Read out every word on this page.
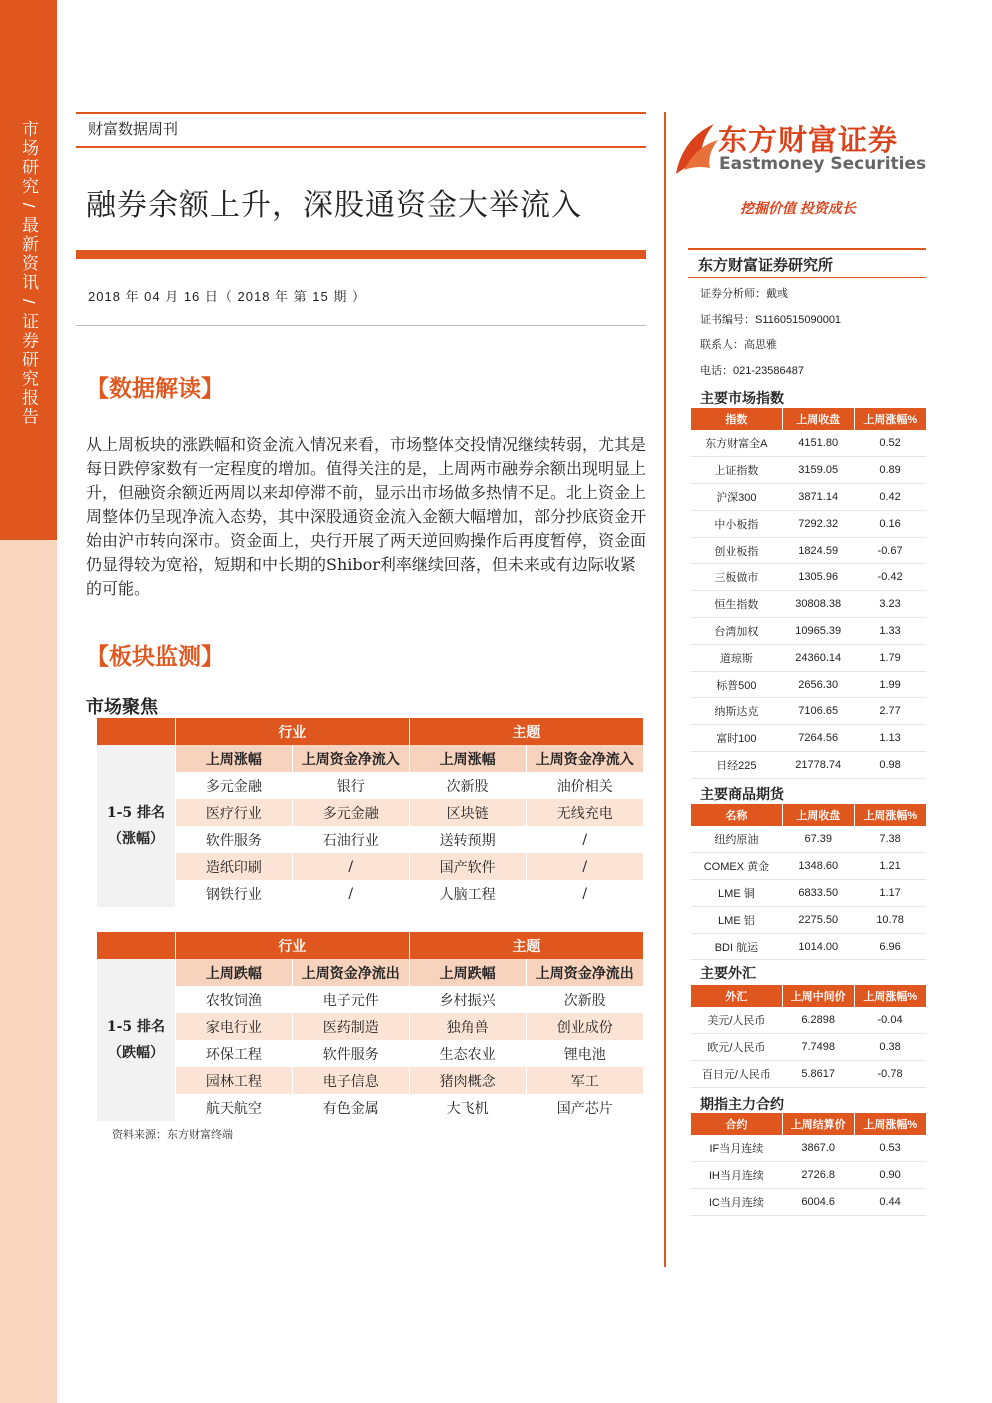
市场研究 / 最新资讯 / 证券研究报告	财富数据周刊
融券余额上升，深股通资金大举流入
2018 年 04 月 16 日（ 2018 年 第 15 期 ）
【数据解读】

从上周板块的涨跌幅和资金流入情况来看，市场整体交投情况继续转弱，尤其是每日跌停家数有一定程度的增加。值得关注的是，上周两市融券余额出现明显上升，但融资余额近两周以来却停滞不前，显示出市场做多热情不足。北上资金上周整体仍呈现净流入态势，其中深股通资金流入金额大幅增加，部分抄底资金开始由沪市转向深市。资金面上，央行开展了两天逆回购操作后再度暂停，资金面仍显得较为宽裕，短期和中长期的Shibor利率继续回落，但未来或有边际收紧的可能。

【板块监测】
市场聚焦
	行业		主题	

1-5 排名
（涨幅）	上周涨幅	上周资金净流入	上周涨幅	上周资金净流入
	多元金融	银行	次新股	油价相关
	医疗行业	多元金融	区块链	无线充电
	软件服务	石油行业	送转预期	/
	造纸印刷	/	国产软件	/
	钢铁行业	/	人脑工程	/
	行业		主题	

1-5 排名
（跌幅）	上周跌幅	上周资金净流出	上周跌幅	上周资金净流出
	农牧饲渔	电子元件	乡村振兴	次新股
	家电行业	医药制造	独角兽	创业成份
	环保工程	软件服务	生态农业	锂电池
	园林工程	电子信息	猪肉概念	军工
	航天航空	有色金属	大飞机	国产芯片
资料来源：东方财富终端
东方财富证券
Eastmoney Securities
挖掘价值 投资成长
东方财富证券研究所
证券分析师：戴彧
证书编号：S1160515090001
联系人：高思雅
电话：021-23586487
主要市场指数
指数	上周收盘	上周涨幅%
东方财富全A	4151.80	0.52
上证指数	3159.05	0.89
沪深300	3871.14	0.42
中小板指	7292.32	0.16
创业板指	1824.59	-0.67
三板做市	1305.96	-0.42
恒生指数	30808.38	3.23
台湾加权	10965.39	1.33
道琼斯	24360.14	1.79
标普500	2656.30	1.99
纳斯达克	7106.65	2.77
富时100	7264.56	1.13
日经225	21778.74	0.98
主要商品期货
名称	上周收盘	上周涨幅%
纽约原油	67.39	7.38
COMEX 黄金	1348.60	1.21
LME 铜	6833.50	1.17
LME 铝	2275.50	10.78
BDI 航运	1014.00	6.96
主要外汇
外汇	上周中间价	上周涨幅%
美元/人民币	6.2898	-0.04
欧元/人民币	7.7498	0.38
百日元/人民币	5.8617	-0.78
期指主力合约
合约	上周结算价	上周涨幅%
IF当月连续	3867.0	0.53
IH当月连续	2726.8	0.90
IC当月连续	6004.6	0.44
